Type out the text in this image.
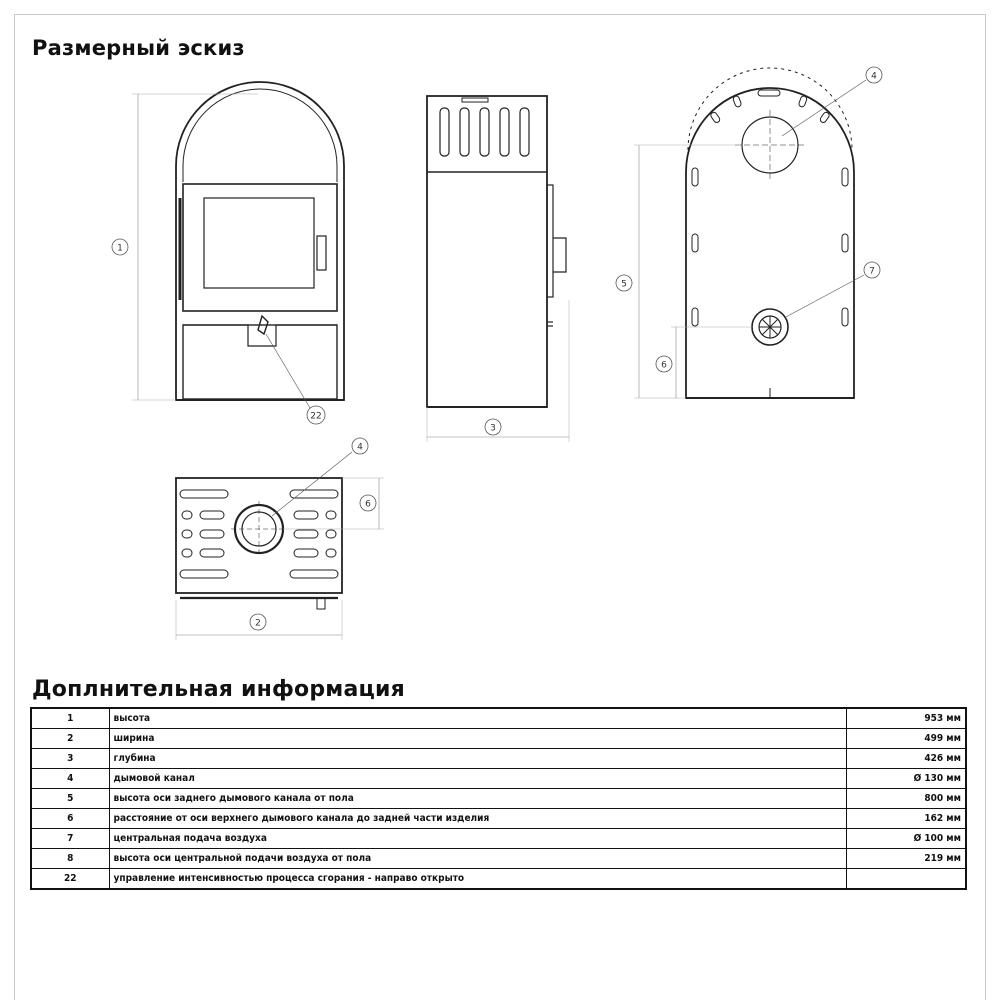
Размерный эскиз
1
22
3
4
5
6
7
2
4
6
Доплнительная информация
1	высота	953 мм
2	ширина	499 мм
3	глубина	426 мм
4	дымовой канал	Ø 130 мм
5	высота оси заднего дымового канала от пола	800 мм
6	расстояние от оси верхнего дымового канала до задней части изделия	162 мм
7	центральная подача воздуха	Ø 100 мм
8	высота оси центральной подачи воздуха от пола	219 мм
22	управление интенсивностью процесса сгорания - направо открыто	
